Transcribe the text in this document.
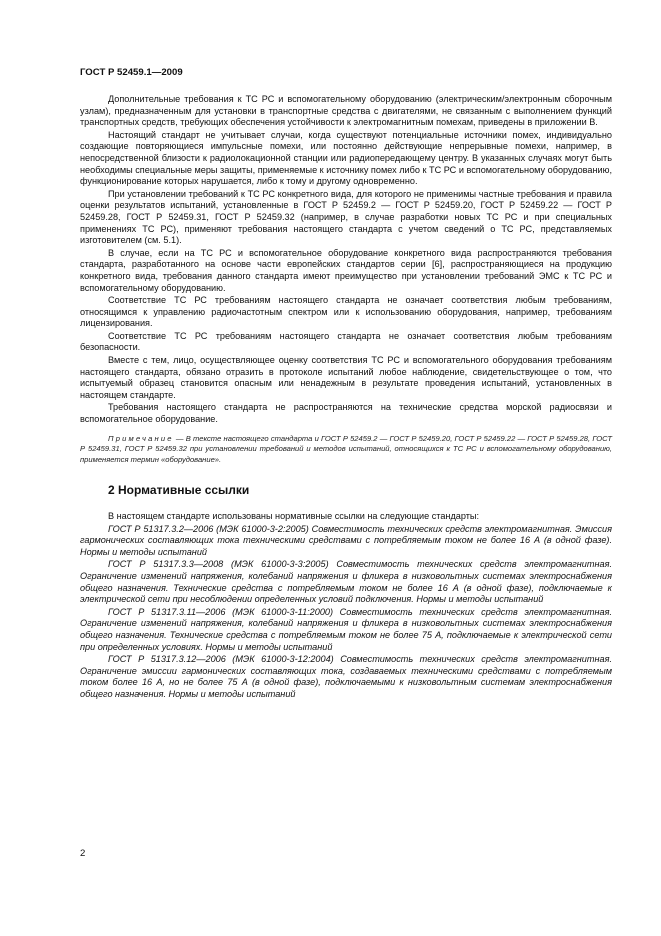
ГОСТ Р 52459.1—2009

Дополнительные требования к ТС РС и вспомогательному оборудованию (электрическим/электронным сборочным узлам), предназначенным для установки в транспортные средства с двигателями, не связанным с выполнением функций транспортных средств, требующих обеспечения устойчивости к электромагнитным помехам, приведены в приложении В.

Настоящий стандарт не учитывает случаи, когда существуют потенциальные источники помех, индивидуально создающие повторяющиеся импульсные помехи, или постоянно действующие непрерывные помехи, например, в непосредственной близости к радиолокационной станции или радиопередающему центру. В указанных случаях могут быть необходимы специальные меры защиты, применяемые к источнику помех либо к ТС РС и вспомогательному оборудованию, функционирование которых нарушается, либо к тому и другому одновременно.

При установлении требований к ТС РС конкретного вида, для которого не применимы частные требования и правила оценки результатов испытаний, установленные в ГОСТ Р 52459.2 — ГОСТ Р 52459.20, ГОСТ Р 52459.22 — ГОСТ Р 52459.28, ГОСТ Р 52459.31, ГОСТ Р 52459.32 (например, в случае разработки новых ТС РС и при специальных применениях ТС РС), применяют требования настоящего стандарта с учетом сведений о ТС РС, представляемых изготовителем (см. 5.1).

В случае, если на ТС РС и вспомогательное оборудование конкретного вида распространяются требования стандарта, разработанного на основе части европейских стандартов серии [6], распространяющиеся на продукцию конкретного вида, требования данного стандарта имеют преимущество при установлении требований ЭМС к ТС РС и вспомогательному оборудованию.

Соответствие ТС РС требованиям настоящего стандарта не означает соответствия любым требованиям, относящимся к управлению радиочастотным спектром или к использованию оборудования, например, требованиям лицензирования.

Соответствие ТС РС требованиям настоящего стандарта не означает соответствия любым требованиям безопасности.

Вместе с тем, лицо, осуществляющее оценку соответствия ТС РС и вспомогательного оборудования требованиям настоящего стандарта, обязано отразить в протоколе испытаний любое наблюдение, свидетельствующее о том, что испытуемый образец становится опасным или ненадежным в результате проведения испытаний, установленных в настоящем стандарте.

Требования настоящего стандарта не распространяются на технические средства морской радиосвязи и вспомогательное оборудование.

Примечание — В тексте настоящего стандарта и ГОСТ Р 52459.2 — ГОСТ Р 52459.20, ГОСТ Р 52459.22 — ГОСТ Р 52459.28, ГОСТ Р 52459.31, ГОСТ Р 52459.32 при установлении требований и методов испытаний, относящихся к ТС РС и вспомогательному оборудованию, применяется термин «оборудование».

2 Нормативные ссылки

В настоящем стандарте использованы нормативные ссылки на следующие стандарты:

ГОСТ Р 51317.3.2—2006 (МЭК 61000-3-2:2005) Совместимость технических средств электромагнитная. Эмиссия гармонических составляющих тока техническими средствами с потребляемым током не более 16 А (в одной фазе). Нормы и методы испытаний

ГОСТ Р 51317.3.3—2008 (МЭК 61000-3-3:2005) Совместимость технических средств электромагнитная. Ограничение изменений напряжения, колебаний напряжения и фликера в низковольтных системах электроснабжения общего назначения. Технические средства с потребляемым током не более 16 А (в одной фазе), подключаемые к электрической сети при несоблюдении определенных условий подключения. Нормы и методы испытаний

ГОСТ Р 51317.3.11—2006 (МЭК 61000-3-11:2000) Совместимость технических средств электромагнитная. Ограничение изменений напряжения, колебаний напряжения и фликера в низковольтных системах электроснабжения общего назначения. Технические средства с потребляемым током не более 75 А, подключаемые к электрической сети при определенных условиях. Нормы и методы испытаний

ГОСТ Р 51317.3.12—2006 (МЭК 61000-3-12:2004) Совместимость технических средств электромагнитная. Ограничение эмиссии гармонических составляющих тока, создаваемых техническими средствами с потребляемым током более 16 А, но не более 75 А (в одной фазе), подключаемыми к низковольтным системам электроснабжения общего назначения. Нормы и методы испытаний

2
